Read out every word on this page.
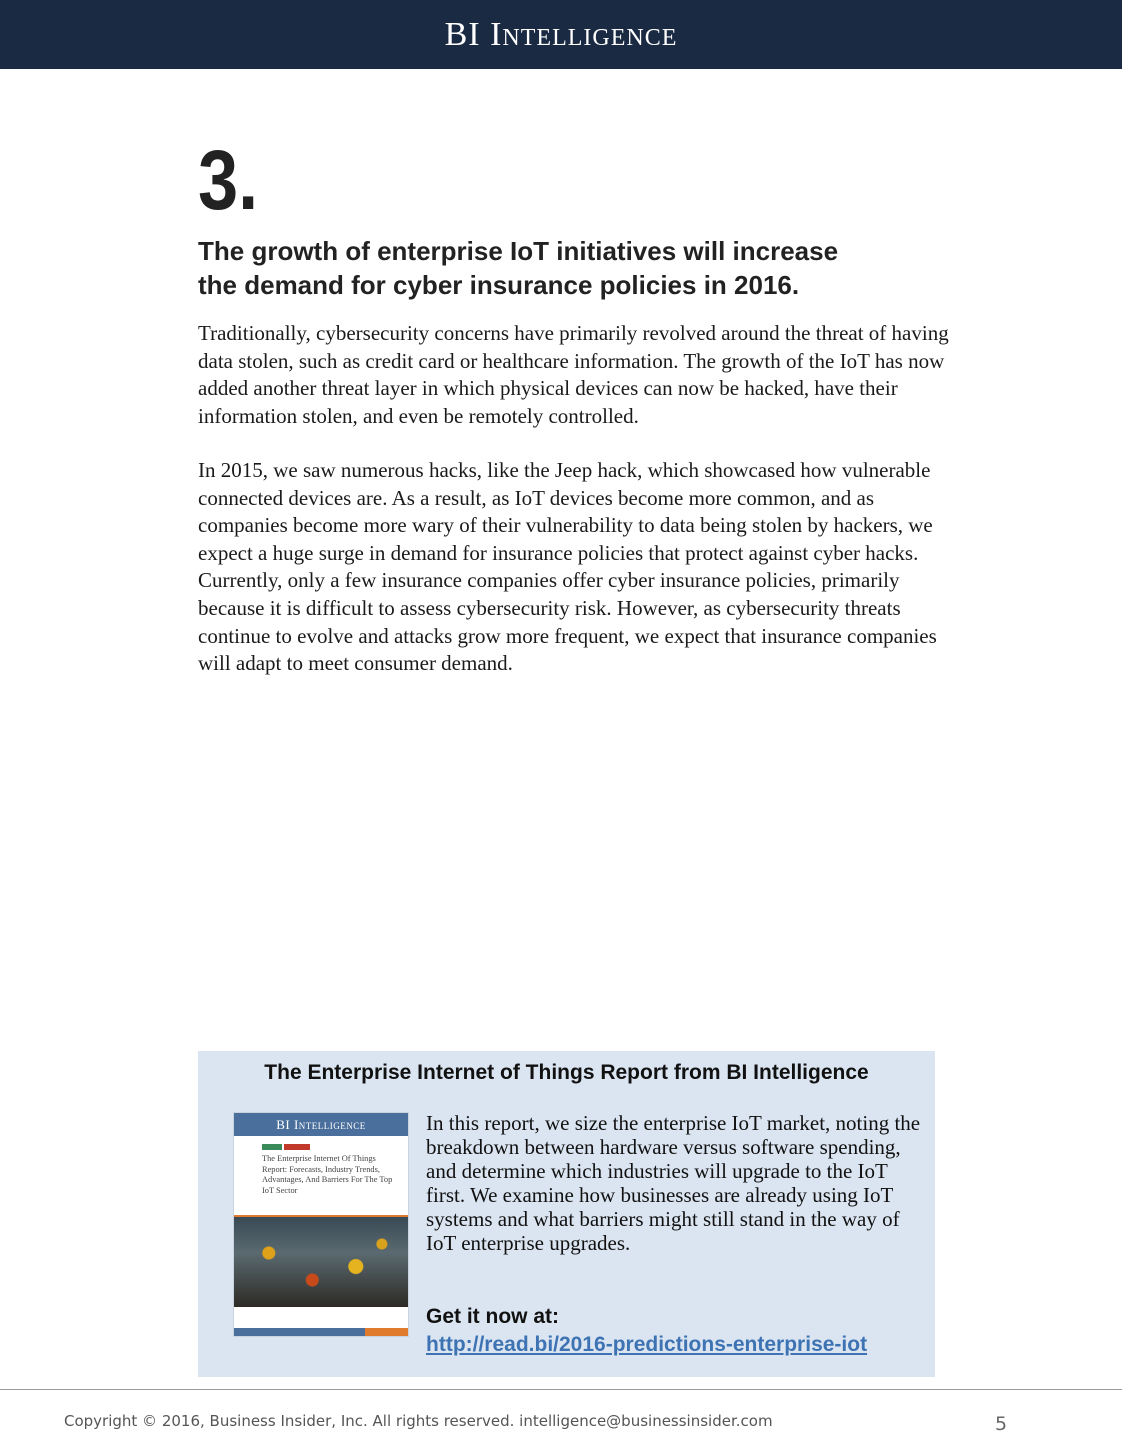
BI Intelligence
3.
The growth of enterprise IoT initiatives will increase
the demand for cyber insurance policies in 2016.

Traditionally, cybersecurity concerns have primarily revolved around the threat of having data stolen, such as credit card or healthcare information. The growth of the IoT has now added another threat layer in which physical devices can now be hacked, have their information stolen, and even be remotely controlled.

In 2015, we saw numerous hacks, like the Jeep hack, which showcased how vulnerable connected devices are. As a result, as IoT devices become more common, and as companies become more wary of their vulnerability to data being stolen by hackers, we expect a huge surge in demand for insurance policies that protect against cyber hacks. Currently, only a few insurance companies offer cyber insurance policies, primarily because it is difficult to assess cybersecurity risk. However, as cybersecurity threats continue to evolve and attacks grow more frequent, we expect that insurance companies will adapt to meet consumer demand.

The Enterprise Internet of Things Report from BI Intelligence
BI Intelligence
The Enterprise Internet Of Things Report: Forecasts, Industry Trends, Advantages, And Barriers For The Top IoT Sector
In this report, we size the enterprise IoT market, noting the breakdown between hardware versus software spending, and determine which industries will upgrade to the IoT first. We examine how businesses are already using IoT systems and what barriers might still stand in the way of IoT enterprise upgrades.
Get it now at:
http://read.bi/2016-predictions-enterprise-iot
Copyright © 2016, Business Insider, Inc. All rights reserved. intelligence@businessinsider.com	5
